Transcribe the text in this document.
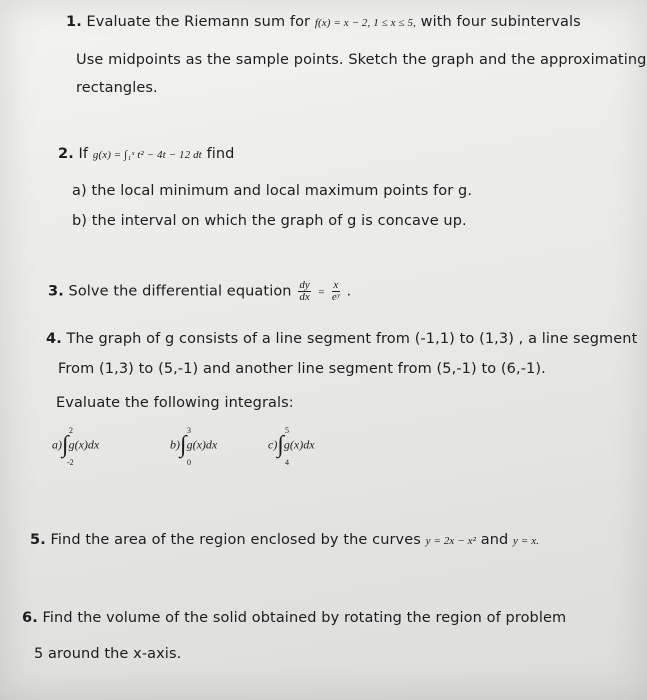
1. Evaluate the Riemann sum for f(x) = x − 2, 1 ≤ x ≤ 5, with four subintervals
Use midpoints as the sample points. Sketch the graph and the approximating
rectangles.
2. If g(x) = ∫₁ˣ t² − 4t − 12 dt find
a) the local minimum and local maximum points for g.
b) the interval on which the graph of g is concave up.
3. Solve the differential equation $\frac{dy}{dx} = \frac{x}{\text{eʸ}}$ .
4. The graph of g consists of a line segment from (-1,1) to (1,3) , a line segment
From (1,3) to (5,-1) and another line segment from (5,-1) to (6,-1).
Evaluate the following integrals:
a)∫g(x)dx
2
-2
b)∫g(x)dx
3
0
c)∫g(x)dx
5
4
5. Find the area of the region enclosed by the curves y = 2x − x² and y = x.
6. Find the volume of the solid obtained by rotating the region of problem
5 around the x-axis.
